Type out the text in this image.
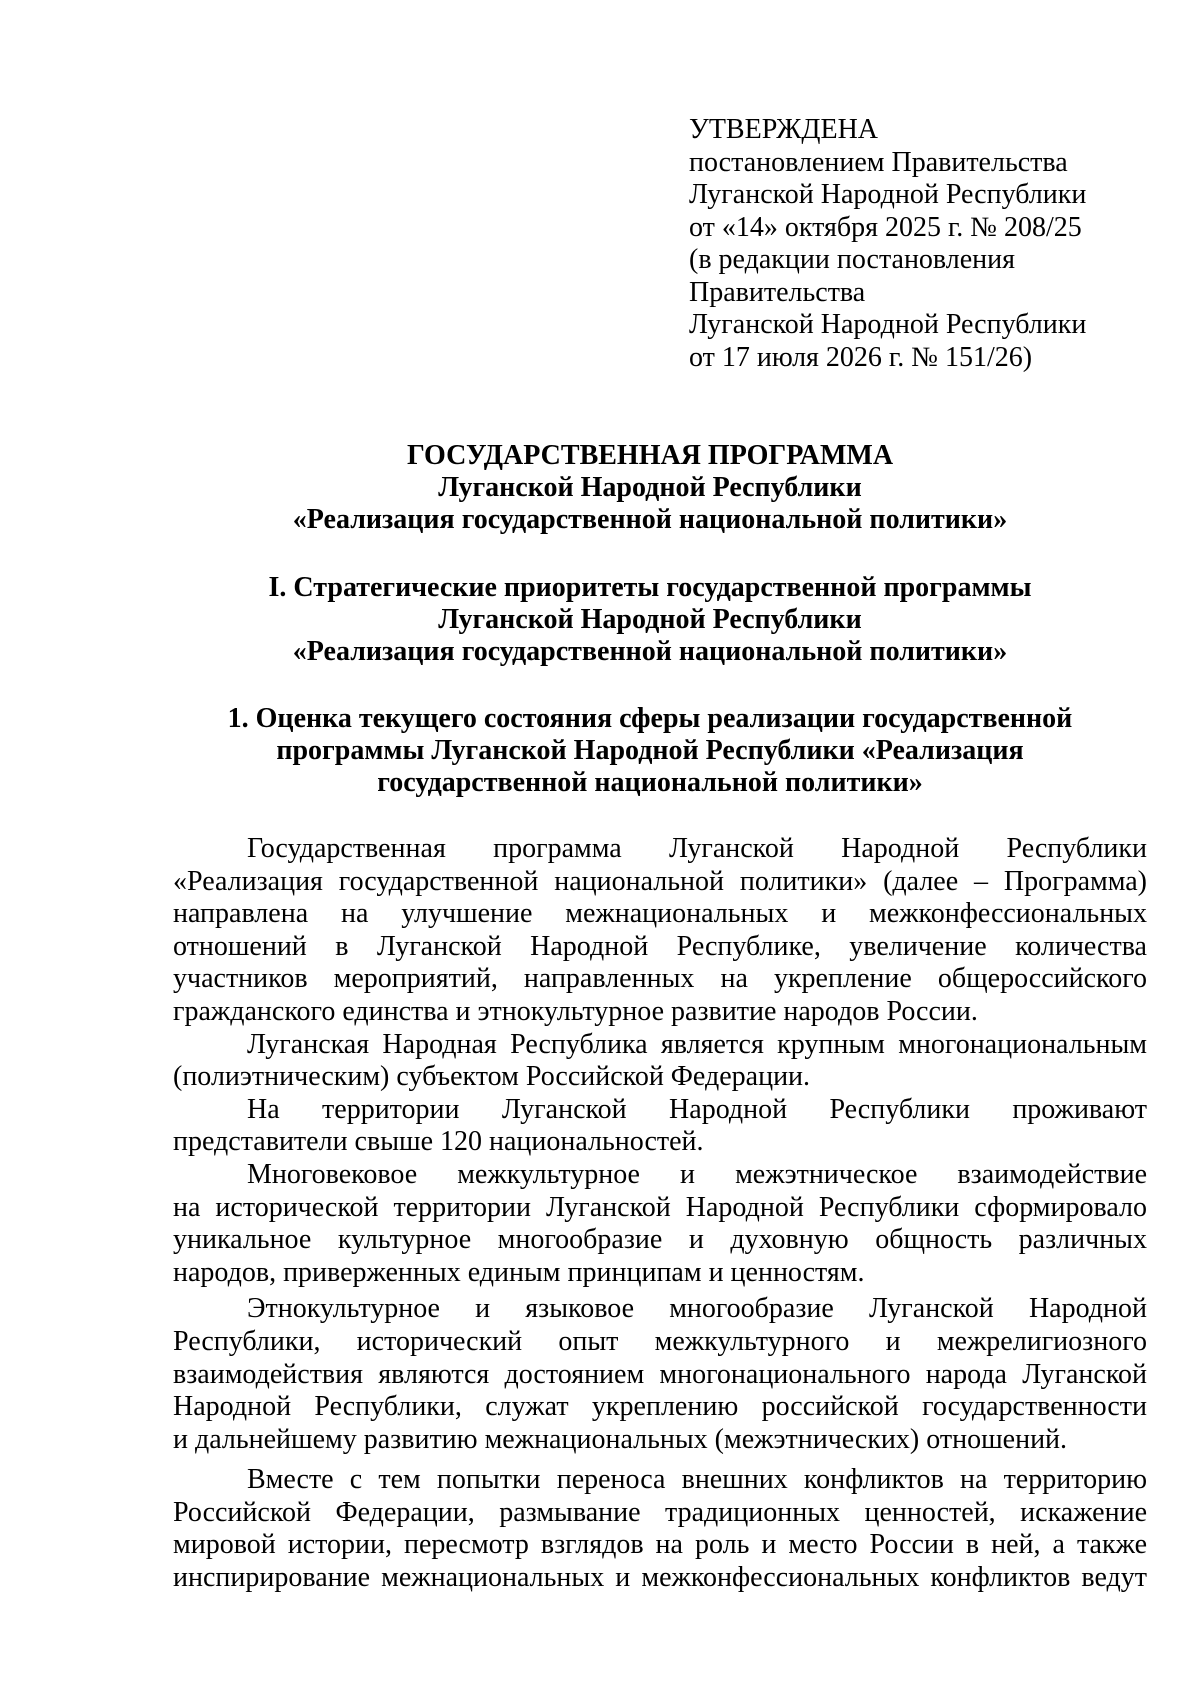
УТВЕРЖДЕНА
постановлением Правительства
Луганской Народной Республики
от «14» октября 2025 г. № 208/25
(в редакции постановления
Правительства
Луганской Народной Республики
от 17 июля 2026 г. № 151/26)
ГОСУДАРСТВЕННАЯ ПРОГРАММА
Луганской Народной Республики
«Реализация государственной национальной политики»
I. Стратегические приоритеты государственной программы
Луганской Народной Республики
«Реализация государственной национальной политики»
1. Оценка текущего состояния сферы реализации государственной
программы Луганской Народной Республики «Реализация
государственной национальной политики»
Государственная программа Луганской Народной Республики
«Реализация государственной национальной политики» (далее – Программа)
направлена на улучшение межнациональных и межконфессиональных
отношений в Луганской Народной Республике, увеличение количества
участников мероприятий, направленных на укрепление общероссийского
гражданского единства и этнокультурное развитие народов России.
Луганская Народная Республика является крупным многонациональным
(полиэтническим) субъектом Российской Федерации.
На территории Луганской Народной Республики проживают
представители свыше 120 национальностей.
Многовековое межкультурное и межэтническое взаимодействие
на исторической территории Луганской Народной Республики сформировало
уникальное культурное многообразие и духовную общность различных
народов, приверженных единым принципам и ценностям.
Этнокультурное и языковое многообразие Луганской Народной
Республики, исторический опыт межкультурного и межрелигиозного
взаимодействия являются достоянием многонационального народа Луганской
Народной Республики, служат укреплению российской государственности
и дальнейшему развитию межнациональных (межэтнических) отношений.
Вместе с тем попытки переноса внешних конфликтов на территорию
Российской Федерации, размывание традиционных ценностей, искажение
мировой истории, пересмотр взглядов на роль и место России в ней, а также
инспирирование межнациональных и межконфессиональных конфликтов ведут
